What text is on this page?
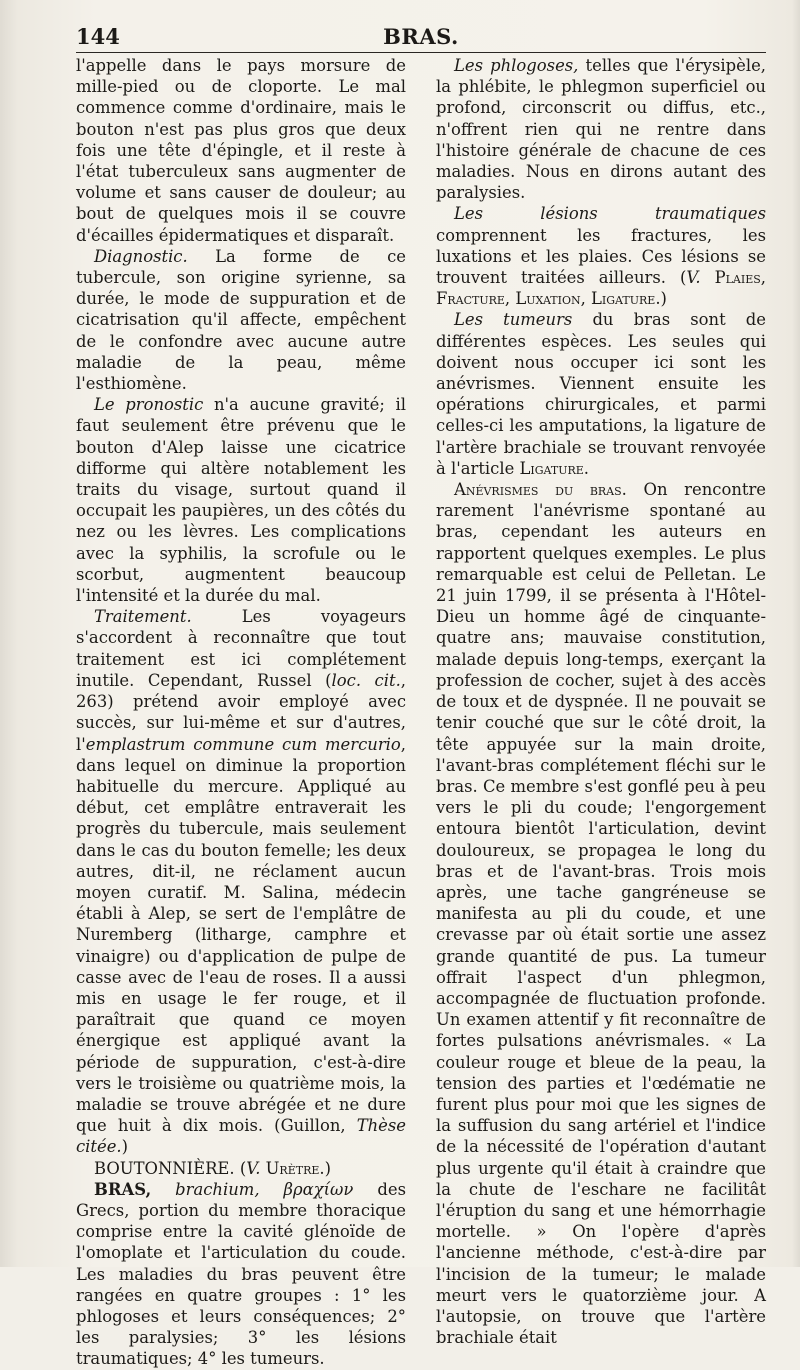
144	BRAS.

l'appelle dans le pays morsure de mille-pied ou de cloporte. Le mal commence comme d'ordinaire, mais le bouton n'est pas plus gros que deux fois une tête d'épingle, et il reste à l'état tuberculeux sans augmenter de volume et sans causer de douleur; au bout de quelques mois il se couvre d'écailles épidermatiques et disparaît.

Diagnostic. La forme de ce tubercule, son origine syrienne, sa durée, le mode de suppuration et de cicatrisation qu'il affecte, empêchent de le confondre avec aucune autre maladie de la peau, même l'esthiomène.

Le pronostic n'a aucune gravité; il faut seulement être prévenu que le bouton d'Alep laisse une cicatrice difforme qui altère notablement les traits du visage, surtout quand il occupait les paupières, un des côtés du nez ou les lèvres. Les complications avec la syphilis, la scrofule ou le scorbut, augmentent beaucoup l'intensité et la durée du mal.

Traitement. Les voyageurs s'accordent à reconnaître que tout traitement est ici complétement inutile. Cependant, Russel (loc. cit., 263) prétend avoir employé avec succès, sur lui-même et sur d'autres, l'emplastrum commune cum mercurio, dans lequel on diminue la proportion habituelle du mercure. Appliqué au début, cet emplâtre entraverait les progrès du tubercule, mais seulement dans le cas du bouton femelle; les deux autres, dit-il, ne réclament aucun moyen curatif. M. Salina, médecin établi à Alep, se sert de l'emplâtre de Nuremberg (litharge, camphre et vinaigre) ou d'application de pulpe de casse avec de l'eau de roses. Il a aussi mis en usage le fer rouge, et il paraîtrait que quand ce moyen énergique est appliqué avant la période de suppuration, c'est-à-dire vers le troisième ou quatrième mois, la maladie se trouve abrégée et ne dure que huit à dix mois. (Guillon, Thèse citée.)

BOUTONNIÈRE. (V. Urètre.)

BRAS, brachium, βραχίων des Grecs, portion du membre thoracique comprise entre la cavité glénoïde de l'omoplate et l'articulation du coude. Les maladies du bras peuvent être rangées en quatre groupes : 1° les phlogoses et leurs conséquences; 2° les paralysies; 3° les lésions traumatiques; 4° les tumeurs.

Les phlogoses, telles que l'érysipèle, la phlébite, le phlegmon superficiel ou profond, circonscrit ou diffus, etc., n'offrent rien qui ne rentre dans l'histoire générale de chacune de ces maladies. Nous en dirons autant des paralysies.

Les lésions traumatiques comprennent les fractures, les luxations et les plaies. Ces lésions se trouvent traitées ailleurs. (V. Plaies, Fracture, Luxation, Ligature.)

Les tumeurs du bras sont de différentes espèces. Les seules qui doivent nous occuper ici sont les anévrismes. Viennent ensuite les opérations chirurgicales, et parmi celles-ci les amputations, la ligature de l'artère brachiale se trouvant renvoyée à l'article Ligature.

Anévrismes du bras. On rencontre rarement l'anévrisme spontané au bras, cependant les auteurs en rapportent quelques exemples. Le plus remarquable est celui de Pelletan. Le 21 juin 1799, il se présenta à l'Hôtel-Dieu un homme âgé de cinquante-quatre ans; mauvaise constitution, malade depuis long-temps, exerçant la profession de cocher, sujet à des accès de toux et de dyspnée. Il ne pouvait se tenir couché que sur le côté droit, la tête appuyée sur la main droite, l'avant-bras complétement fléchi sur le bras. Ce membre s'est gonflé peu à peu vers le pli du coude; l'engorgement entoura bientôt l'articulation, devint douloureux, se propagea le long du bras et de l'avant-bras. Trois mois après, une tache gangréneuse se manifesta au pli du coude, et une crevasse par où était sortie une assez grande quantité de pus. La tumeur offrait l'aspect d'un phlegmon, accompagnée de fluctuation profonde. Un examen attentif y fit reconnaître de fortes pulsations anévrismales. « La couleur rouge et bleue de la peau, la tension des parties et l'œdématie ne furent plus pour moi que les signes de la suffusion du sang artériel et l'indice de la nécessité de l'opération d'autant plus urgente qu'il était à craindre que la chute de l'eschare ne facilitât l'éruption du sang et une hémorrhagie mortelle. » On l'opère d'après l'ancienne méthode, c'est-à-dire par l'incision de la tumeur; le malade meurt vers le quatorzième jour. A l'autopsie, on trouve que l'artère brachiale était
